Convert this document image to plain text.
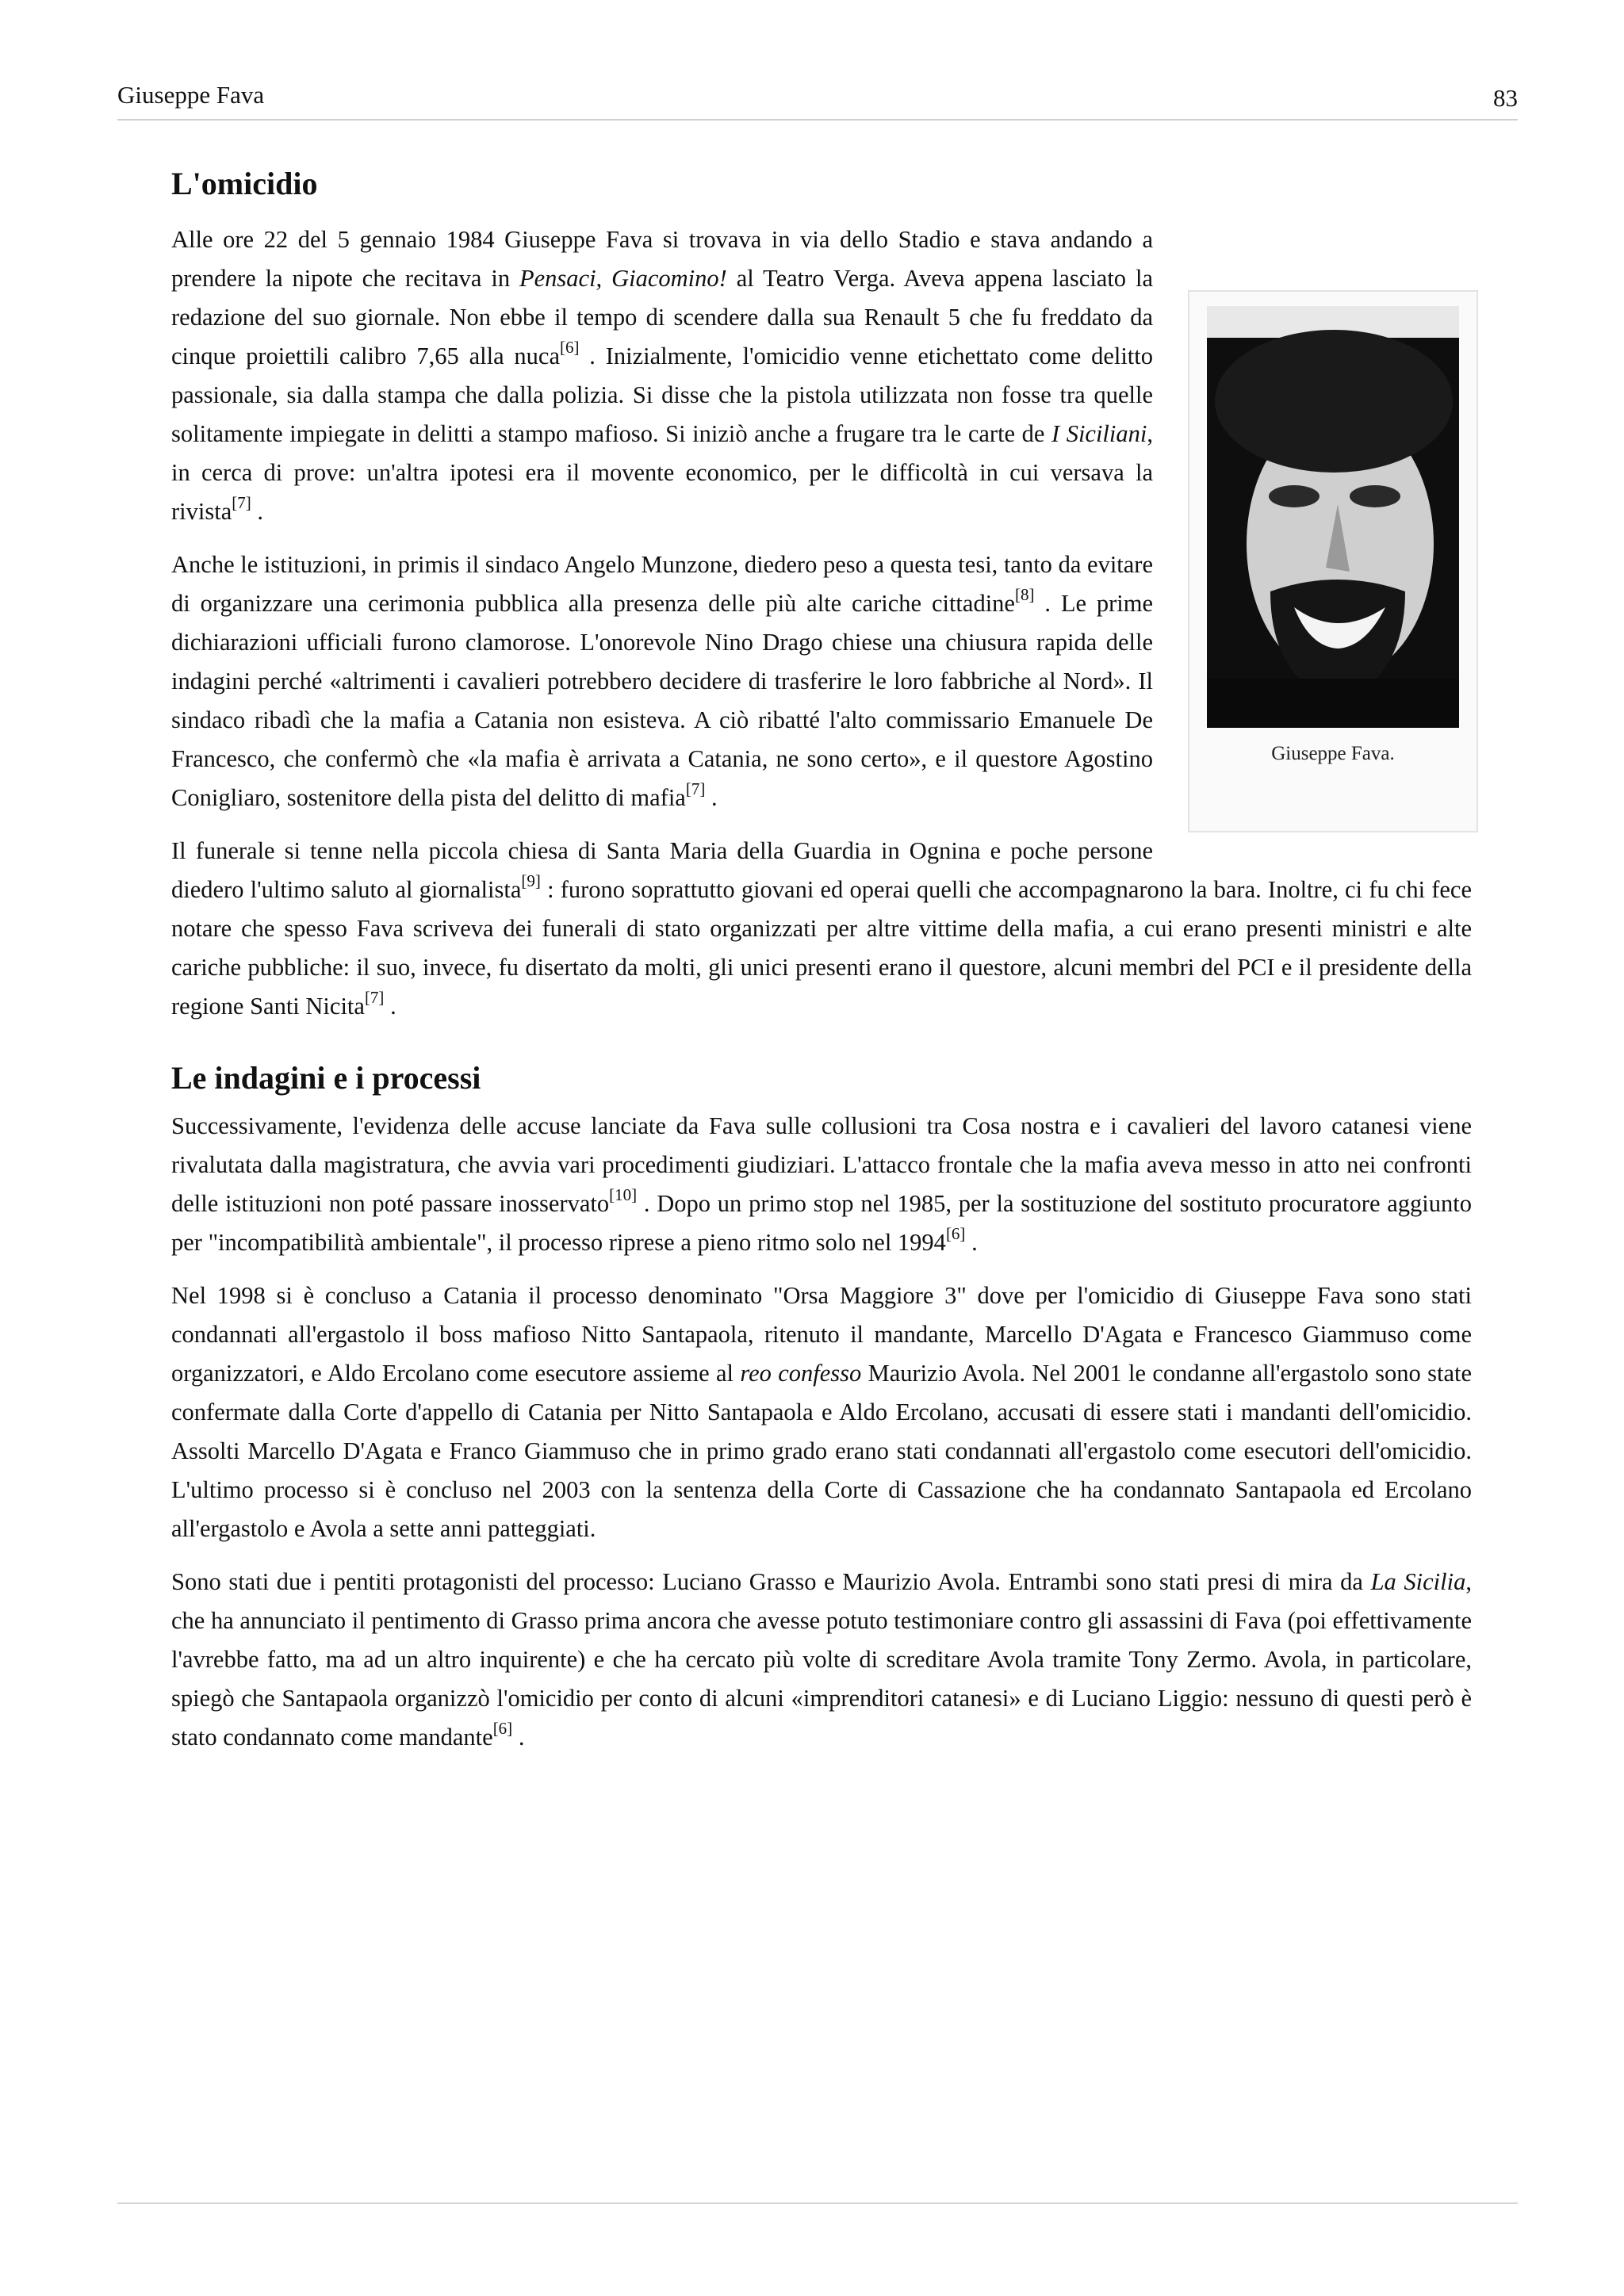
Giuseppe Fava	83
L'omicidio
Giuseppe Fava.

Alle ore 22 del 5 gennaio 1984 Giuseppe Fava si trovava in via dello Stadio e stava andando a prendere la nipote che recitava in Pensaci, Giacomino! al Teatro Verga. Aveva appena lasciato la redazione del suo giornale. Non ebbe il tempo di scendere dalla sua Renault 5 che fu freddato da cinque proiettili calibro 7,65 alla nuca[6] . Inizialmente, l'omicidio venne etichettato come delitto passionale, sia dalla stampa che dalla polizia. Si disse che la pistola utilizzata non fosse tra quelle solitamente impiegate in delitti a stampo mafioso. Si iniziò anche a frugare tra le carte de I Siciliani, in cerca di prove: un'altra ipotesi era il movente economico, per le difficoltà in cui versava la rivista[7] .

Anche le istituzioni, in primis il sindaco Angelo Munzone, diedero peso a questa tesi, tanto da evitare di organizzare una cerimonia pubblica alla presenza delle più alte cariche cittadine[8] . Le prime dichiarazioni ufficiali furono clamorose. L'onorevole Nino Drago chiese una chiusura rapida delle indagini perché «altrimenti i cavalieri potrebbero decidere di trasferire le loro fabbriche al Nord». Il sindaco ribadì che la mafia a Catania non esisteva. A ciò ribatté l'alto commissario Emanuele De Francesco, che confermò che «la mafia è arrivata a Catania, ne sono certo», e il questore Agostino Conigliaro, sostenitore della pista del delitto di mafia[7] .

Il funerale si tenne nella piccola chiesa di Santa Maria della Guardia in Ognina e poche persone diedero l'ultimo saluto al giornalista[9] : furono soprattutto giovani ed operai quelli che accompagnarono la bara. Inoltre, ci fu chi fece notare che spesso Fava scriveva dei funerali di stato organizzati per altre vittime della mafia, a cui erano presenti ministri e alte cariche pubbliche: il suo, invece, fu disertato da molti, gli unici presenti erano il questore, alcuni membri del PCI e il presidente della regione Santi Nicita[7] .

Le indagini e i processi

Successivamente, l'evidenza delle accuse lanciate da Fava sulle collusioni tra Cosa nostra e i cavalieri del lavoro catanesi viene rivalutata dalla magistratura, che avvia vari procedimenti giudiziari. L'attacco frontale che la mafia aveva messo in atto nei confronti delle istituzioni non poté passare inosservato[10] . Dopo un primo stop nel 1985, per la sostituzione del sostituto procuratore aggiunto per "incompatibilità ambientale", il processo riprese a pieno ritmo solo nel 1994[6] .

Nel 1998 si è concluso a Catania il processo denominato "Orsa Maggiore 3" dove per l'omicidio di Giuseppe Fava sono stati condannati all'ergastolo il boss mafioso Nitto Santapaola, ritenuto il mandante, Marcello D'Agata e Francesco Giammuso come organizzatori, e Aldo Ercolano come esecutore assieme al reo confesso Maurizio Avola. Nel 2001 le condanne all'ergastolo sono state confermate dalla Corte d'appello di Catania per Nitto Santapaola e Aldo Ercolano, accusati di essere stati i mandanti dell'omicidio. Assolti Marcello D'Agata e Franco Giammuso che in primo grado erano stati condannati all'ergastolo come esecutori dell'omicidio. L'ultimo processo si è concluso nel 2003 con la sentenza della Corte di Cassazione che ha condannato Santapaola ed Ercolano all'ergastolo e Avola a sette anni patteggiati.

Sono stati due i pentiti protagonisti del processo: Luciano Grasso e Maurizio Avola. Entrambi sono stati presi di mira da La Sicilia, che ha annunciato il pentimento di Grasso prima ancora che avesse potuto testimoniare contro gli assassini di Fava (poi effettivamente l'avrebbe fatto, ma ad un altro inquirente) e che ha cercato più volte di screditare Avola tramite Tony Zermo. Avola, in particolare, spiegò che Santapaola organizzò l'omicidio per conto di alcuni «imprenditori catanesi» e di Luciano Liggio: nessuno di questi però è stato condannato come mandante[6] .
